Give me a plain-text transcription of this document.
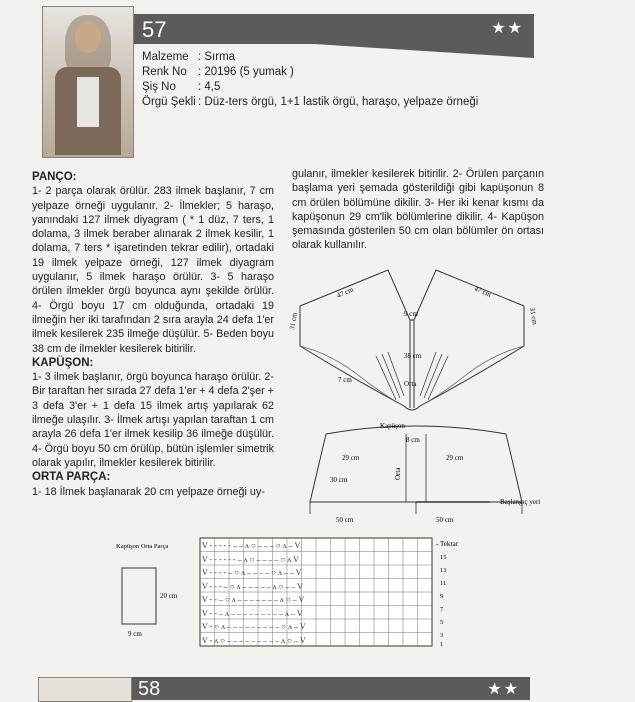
57	★★
Malzeme : Sırma
Renk No : 20196 (5 yumak )
Şiş No : 4,5
Örgü Şekli : Düz-ters örgü, 1+1 lastik örgü, haraşo, yelpaze örneği
PANÇO:
1- 2 parça olarak örülür. 283 ilmek başlanır, 7 cm yelpaze örneği uygulanır. 2- İlmekler; 5 haraşo, yanındaki 127 ilmek diyagram ( * 1 düz, 7 ters, 1 dolama, 3 ilmek beraber alınarak 2 ilmek kesilir, 1 dolama, 7 ters * işaretinden tekrar edilir), ortadaki 19 ilmek yelpaze örneği, 127 ilmek diyagram uygulanır, 5 ilmek haraşo örülür. 3- 5 haraşo örülen ilmekler örgü boyunca aynı şekilde örülür. 4- Örgü boyu 17 cm olduğunda, ortadaki 19 ilmeğin her iki tarafından 2 sıra arayla 24 defa 1'er ilmek kesilerek 235 ilmeğe düşülür. 5- Beden boyu 38 cm de ilmekler kesilerek bitirilir.
KAPÜŞON:
1- 3 ilmek başlanır, örgü boyunca haraşo örülür. 2- Bir taraftan her sırada 27 defa 1'er + 4 defa 2'şer + 3 defa 3'er + 1 defa 15 ilmek artış yapılarak 62 ilmeğe ulaşılır. 3- İlmek artışı yapılan taraftan 1 cm arayla 26 defa 1'er ilmek kesilip 36 ilmeğe düşülür. 4- Örgü boyu 50 cm örülüp, bütün işlemler simetrik olarak yapılır, ilmekler kesilerek bitirilir.
ORTA PARÇA:
1- 18 İlmek başlanarak 20 cm yelpaze örneği uy-
gulanır, ilmekler kesilerek bitirilir. 2- Örülen parçanın başlama yeri şemada gösterildiği gibi kapüşonun 8 cm örülen bölümüne dikilir. 3- Her iki kenar kısmı da kapüşonun 29 cm'lik bölümlerine dikilir. 4- Kapüşon şemasında gösterilen 50 cm olan bölümler ön ortası olarak kullanılır.
47 cm	47 cm
31 cm	31 cm
9 cm
38 cm
7 cm	Orta
Kapüşon
8 cm
29 cm	29 cm
30 cm
50 cm	50 cm
Orta
Başlangıç yeri
Kapüşon Orta Parça
20 cm
9 cm
V - - - - - ‒ ‒ ʌ ○ ‒ ‒ ‒ ○ ʌ ‒ V
V - - - - - - ‒ ʌ ○ ‒ ‒ ‒ ‒ ○ ʌ V
V - - - - ‒ ○ ʌ ‒ ‒ ‒ ‒ ○ ʌ ‒ ‒ V
V - - - ‒ ○ ʌ ‒ ‒ ‒ ‒ ‒ ʌ ○ ‒ ‒ V
V - - ‒ ○ ʌ ‒ ‒ ‒ ‒ ‒ ‒ ‒ ʌ ○ ‒ V
V - - ‒ ʌ ‒ ‒ ‒ ‒ ‒ ‒ ‒ ‒ ‒ ʌ ‒ V
V - ○ ʌ ‒ ‒ ‒ ‒ ‒ ‒ ‒ ‒ ‒ ○ ʌ ‒ V
V - ʌ ○ ‒ ‒ ‒ ‒ ‒ ‒ ‒ ‒ ‒ ʌ ○ ‒ V
- Tekrar
15
13
11
9
7
5
3
1
58	★★
